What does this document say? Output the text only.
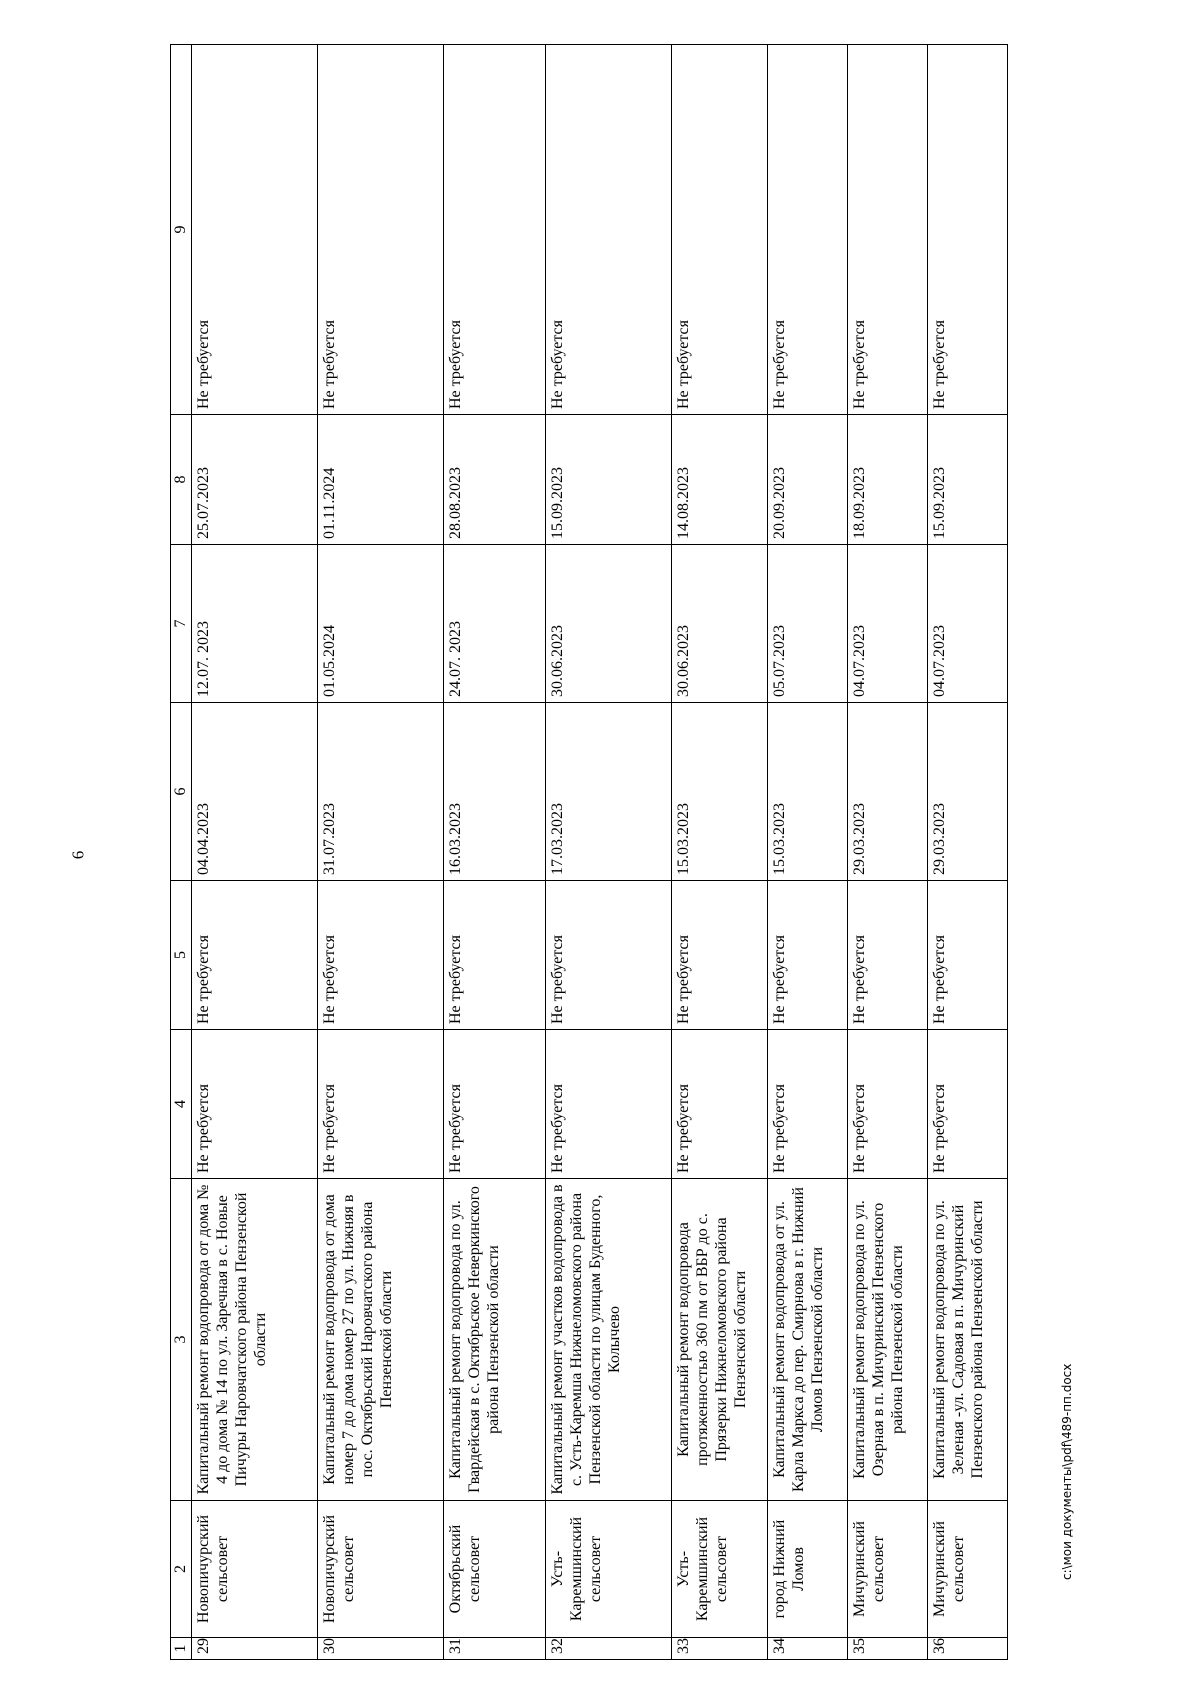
6
1	2	3	4	5	6	7	8	9
29	Новопичурский сельсовет	Капитальный ремонт водопровода от дома № 4 до дома № 14 по ул. Заречная в с. Новые Пичуры Наровчатского района Пензенской области	Не требуется	Не требуется	04.04.2023	12.07. 2023	25.07.2023	Не требуется
30	Новопичурский сельсовет	Капитальный ремонт водопровода от дома номер 7 до дома номер 27 по ул. Нижняя в пос. Октябрьский Наровчатского района Пензенской области	Не требуется	Не требуется	31.07.2023	01.05.2024	01.11.2024	Не требуется
31	Октябрьский сельсовет	Капитальный ремонт водопровода по ул. Гвардейская в с. Октябрьское Неверкинского района Пензенской области	Не требуется	Не требуется	16.03.2023	24.07. 2023	28.08.2023	Не требуется
32	Усть-Каремшинский сельсовет	Капитальный ремонт участков водопровода в с. Усть-Каремша Нижнеломовского района Пензенской области по улицам Буденного, Колычево	Не требуется	Не требуется	17.03.2023	30.06.2023	15.09.2023	Не требуется
33	Усть-Каремшинский сельсовет	Капитальный ремонт водопровода протяженностью 360 пм от ВБР до с. Прязерки Нижнеломовского района Пензенской области	Не требуется	Не требуется	15.03.2023	30.06.2023	14.08.2023	Не требуется
34	город Нижний Ломов	Капитальный ремонт водопровода от ул. Карла Маркса до пер. Смирнова в г. Нижний Ломов Пензенской области	Не требуется	Не требуется	15.03.2023	05.07.2023	20.09.2023	Не требуется
35	Мичуринский сельсовет	Капитальный ремонт водопровода по ул. Озерная в п. Мичуринский Пензенского района Пензенской области	Не требуется	Не требуется	29.03.2023	04.07.2023	18.09.2023	Не требуется
36	Мичуринский сельсовет	Капитальный ремонт водопровода по ул. Зеленая -ул. Садовая в п. Мичуринский Пензенского района Пензенской области	Не требуется	Не требуется	29.03.2023	04.07.2023	15.09.2023	Не требуется
c:\мои документы\pdf\489-пп.docx
